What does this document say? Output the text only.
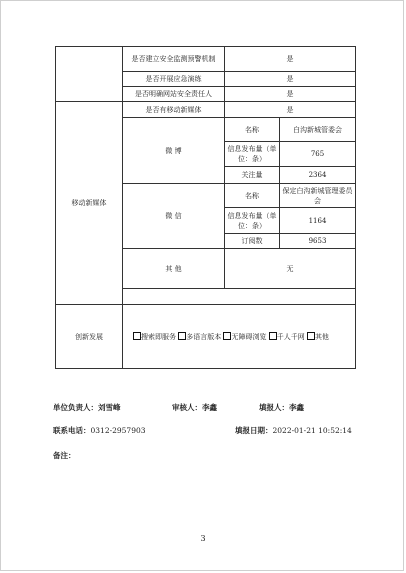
	是否建立安全监测预警机制	是	
	是否开展应急演练	是	
	是否明确网站安全责任人	是	
移动新媒体	是否有移动新媒体	是	
	微 博	名称	白沟新城管委会
		信息发布量（单位：条）	765
		关注量	2364
	微 信	名称	保定白沟新城管理委员会
		信息发布量（单位：条）	1164
		订阅数	9653
	其 他	无	

创新发展	搜索即服务 多语言版本 无障碍浏览 千人千网 其他		
单位负责人：刘雪峰	审核人：李鑫	填报人：李鑫
联系电话：0312-2957903	填报日期：2022-01-21 10:52:14
备注：
3
